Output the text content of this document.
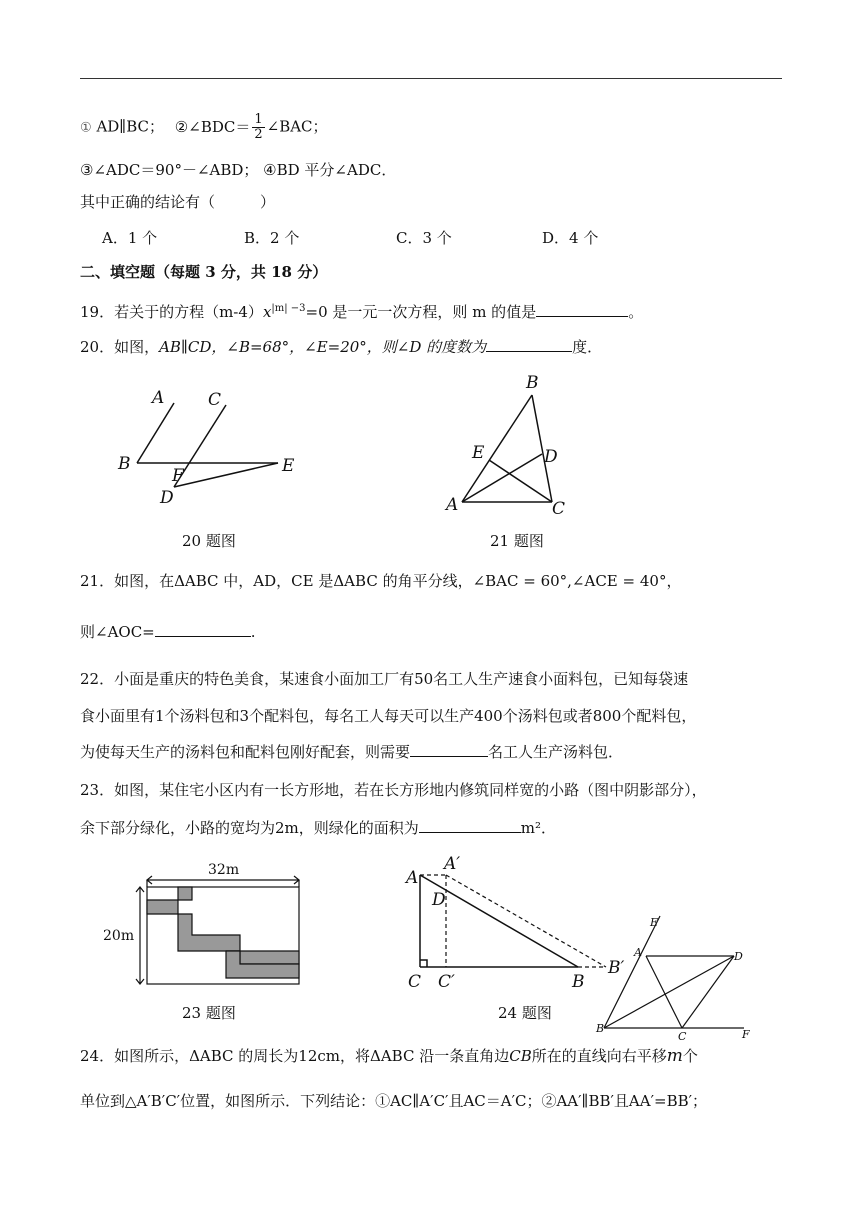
① AD∥BC； ②∠BDC＝ $\frac{1}{2}$ ∠BAC；
③∠ADC＝90°－∠ABD； ④BD 平分∠ADC．
其中正确的结论有（　　　）
A．1 个	B．2 个	C．3 个	D．4 个
二、填空题（每题 3 分，共 18 分）
19．若关于的方程$(m-4)x^{|m| -3}=0$ 是一元一次方程，则 m 的值是	。
20．如图，AB∥CD，∠B=68°，∠E=20°，则∠D 的度数为	度．
A	C
B
F	E
D
20 题图
B
E	D
A	C
21 题图
21．如图，在ΔABC 中，AD，CE 是ΔABC 的角平分线，∠BAC = 60°,∠ACE = 40°，
则∠AOC=	.
22．小面是重庆的特色美食，某速食小面加工厂有50名工人生产速食小面料包，已知每袋速
食小面里有1个汤料包和3个配料包，每名工人每天可以生产400个汤料包或者800个配料包，
为使每天生产的汤料包和配料包刚好配套，则需要	名工人生产汤料包．
23．如图，某住宅小区内有一长方形地，若在长方形地内修筑同样宽的小路（图中阴影部分），
余下部分绿化，小路的宽均为2m，则绿化的面积为	m²．
32m
20m
23 题图
A
A′
D
C C′	B
B′
24 题图
E
A	D
B
C	F
24．如图所示，ΔABC 的周长为12cm，将ΔABC 沿一条直角边CB所在的直线向右平移m个
单位到△A′B′C′位置，如图所示．下列结论：①AC∥A′C′且AC＝A′C；②AA′∥BB′且AA′=BB′；
